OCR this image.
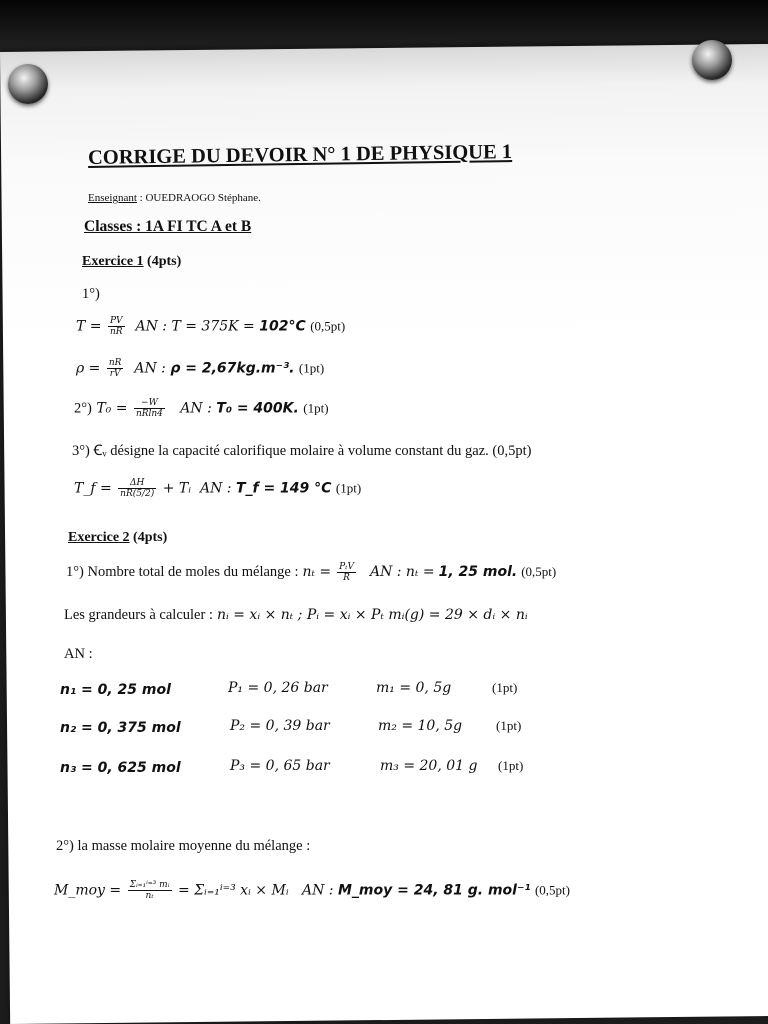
CORRIGE DU DEVOIR N° 1 DE PHYSIQUE 1
Enseignant : OUEDRAOGO Stéphane.
Classes : 1A FI TC A et B
Exercice 1 (4pts)
1°)
$T = \frac{PV}{nR}$ AN : T = 375K = 102°C (0,5pt)
$\rho = \frac{nR}{rV}$ AN : ρ = 2,67kg.m⁻³. (1pt)
2°) $T_0 = \frac{-W}{nRln4}$ AN : T₀ = 400K. (1pt)
3°) Ꞓᵥ désigne la capacité calorifique molaire à volume constant du gaz. (0,5pt)
T_f = $\frac{\Delta H}{nR(5/2)}$ + Tᵢ AN : T_f = 149 °C (1pt)
Exercice 2 (4pts)
1°) Nombre total de moles du mélange : $n_t = \frac{\text{PₜV}}{R}$ AN : nₜ = 1, 25 mol. (0,5pt)
Les grandeurs à calculer : nᵢ = xᵢ × nₜ ; Pᵢ = xᵢ × Pₜ mᵢ(g) = 29 × dᵢ × nᵢ
AN :
n₁ = 0, 25 mol	P₁ = 0, 26 bar	m₁ = 0, 5g	(1pt)
n₂ = 0, 375 mol	P₂ = 0, 39 bar	m₂ = 10, 5g	(1pt)
n₃ = 0, 625 mol	P₃ = 0, 65 bar	m₃ = 20, 01 g (1pt)
2°) la masse molaire moyenne du mélange :
M_moy = $\frac{\text{Σᵢ₌₁ⁱ⁼³ mᵢ}}{\text{nₜ}}$ = Σᵢ₌₁ⁱ⁼³ xᵢ × Mᵢ AN : M_moy = 24, 81 g. mol⁻¹ (0,5pt)
